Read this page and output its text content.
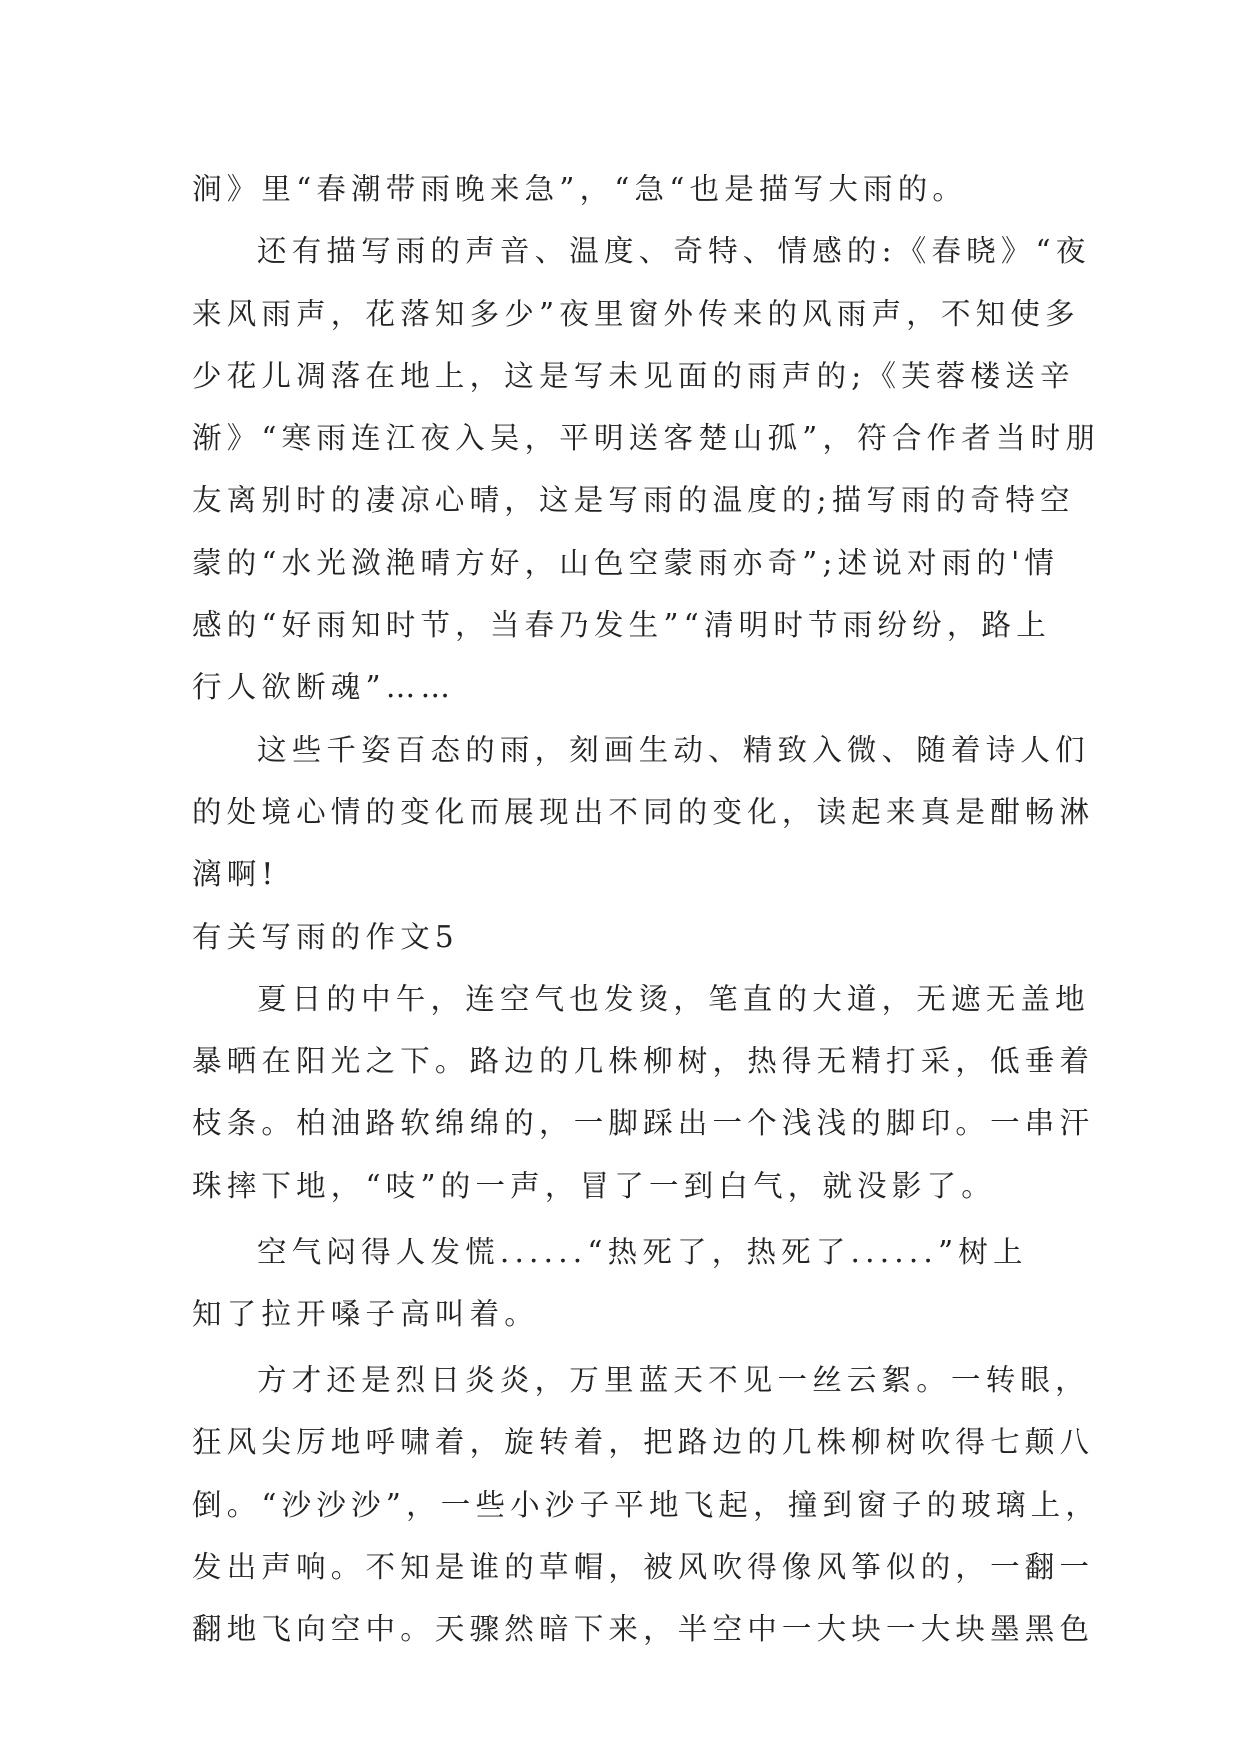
涧》里“春潮带雨晚来急”，“急“也是描写大雨的。
还有描写雨的声音、温度、奇特、情感的:《春晓》“夜
来风雨声，花落知多少”夜里窗外传来的风雨声，不知使多
少花儿凋落在地上，这是写未见面的雨声的;《芙蓉楼送辛
渐》“寒雨连江夜入吴，平明送客楚山孤”，符合作者当时朋
友离别时的凄凉心晴，这是写雨的温度的;描写雨的奇特空
蒙的“水光潋滟晴方好，山色空蒙雨亦奇”;述说对雨的'情
感的“好雨知时节，当春乃发生”“清明时节雨纷纷，路上
行人欲断魂”……
这些千姿百态的雨，刻画生动、精致入微、随着诗人们
的处境心情的变化而展现出不同的变化，读起来真是酣畅淋
漓啊!
有关写雨的作文5
夏日的中午，连空气也发烫，笔直的大道，无遮无盖地
暴晒在阳光之下。路边的几株柳树，热得无精打采，低垂着
枝条。柏油路软绵绵的，一脚踩出一个浅浅的脚印。一串汗
珠摔下地，“吱”的一声，冒了一到白气，就没影了。
空气闷得人发慌......“热死了，热死了......”树上
知了拉开嗓子高叫着。
方才还是烈日炎炎，万里蓝天不见一丝云絮。一转眼，
狂风尖厉地呼啸着，旋转着，把路边的几株柳树吹得七颠八
倒。“沙沙沙”，一些小沙子平地飞起，撞到窗子的玻璃上，
发出声响。不知是谁的草帽，被风吹得像风筝似的，一翻一
翻地飞向空中。天骤然暗下来，半空中一大块一大块墨黑色
